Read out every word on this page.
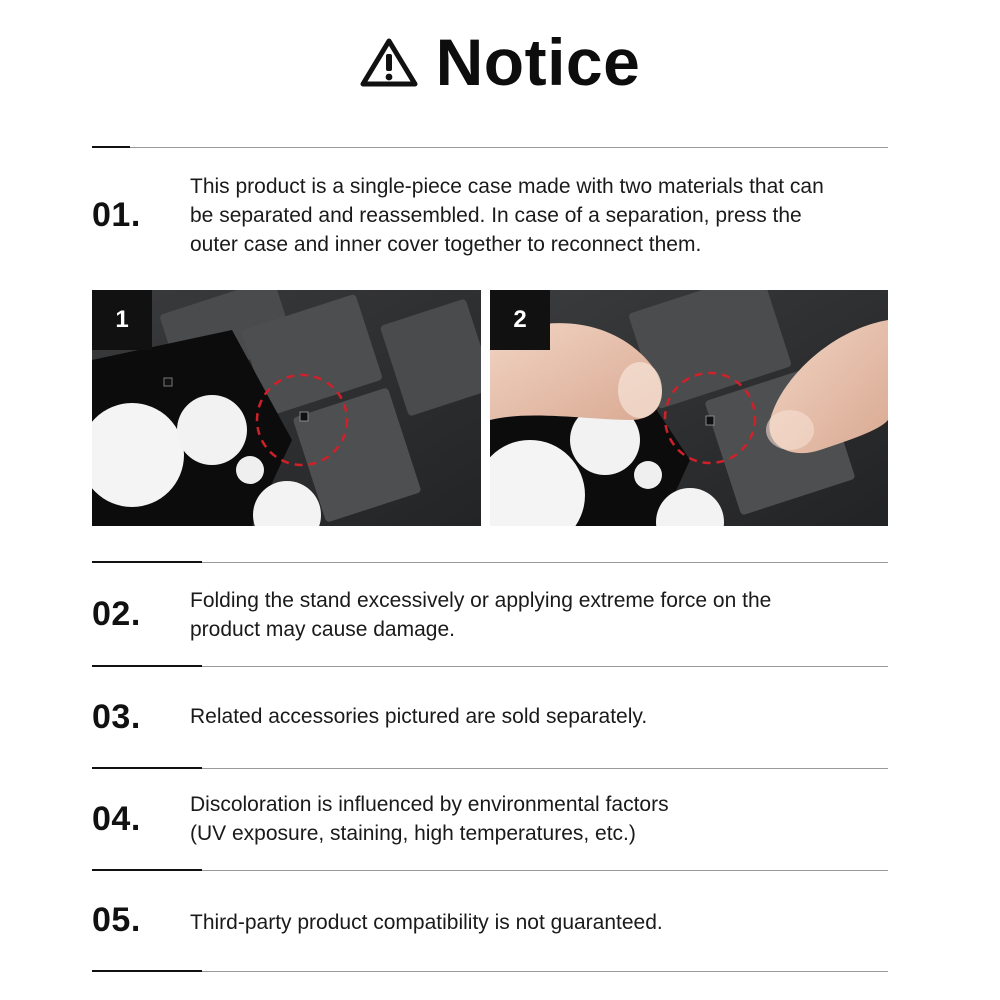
Notice
01.
This product is a single-piece case made with two materials that can
be separated and reassembled. In case of a separation, press the
outer case and inner cover together to reconnect them.
1	2
02. Folding the stand excessively or applying extreme force on the
product may cause damage.
03. Related accessories pictured are sold separately.
04. Discoloration is influenced by environmental factors
(UV exposure, staining, high temperatures, etc.)
05. Third-party product compatibility is not guaranteed.
